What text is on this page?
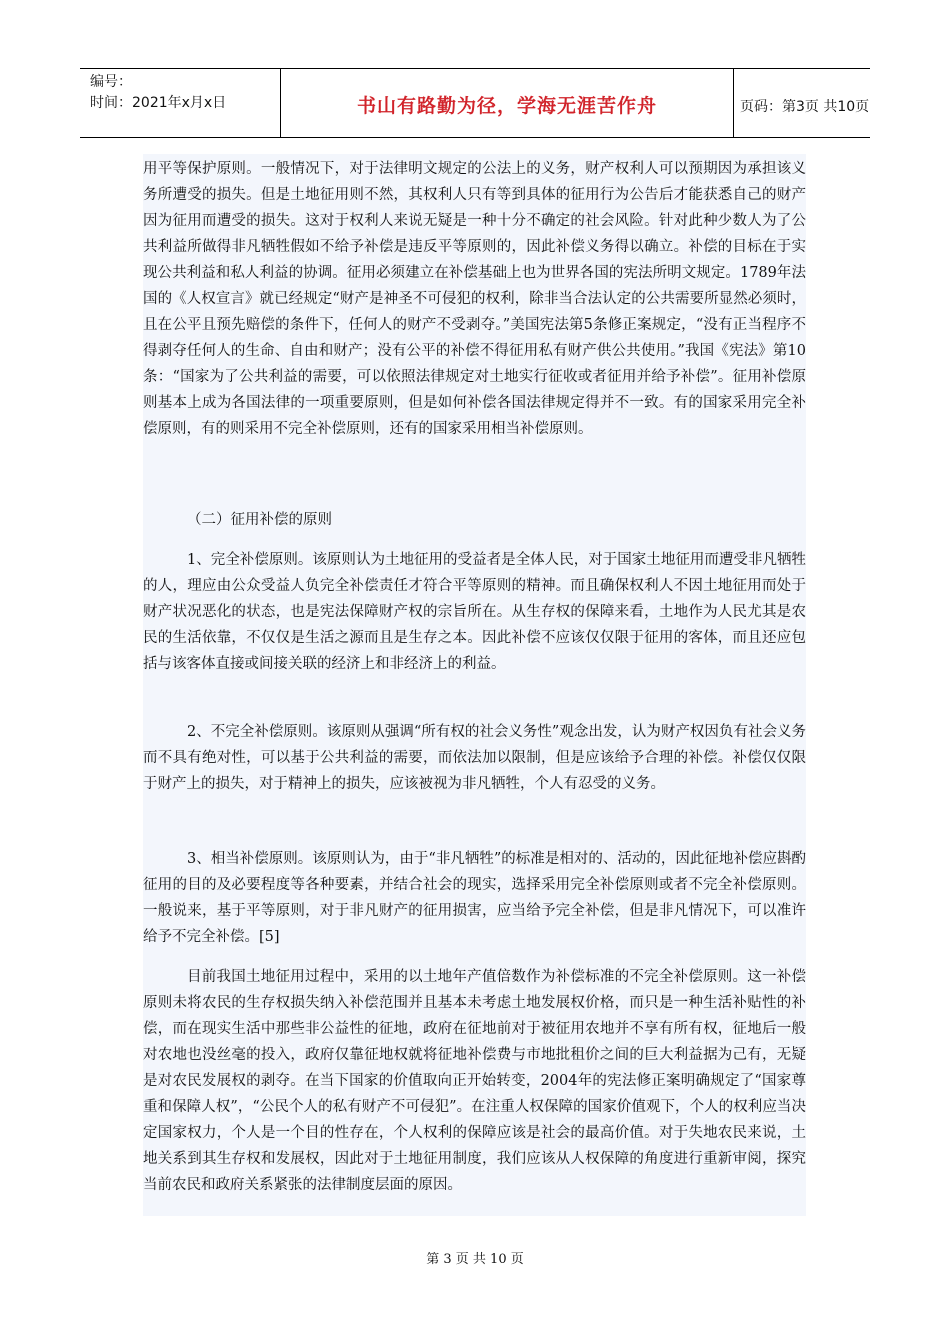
编号：
时间：2021年x月x日	书山有路勤为径，学海无涯苦作舟	页码：第3页 共10页

用平等保护原则。一般情况下，对于法律明文规定的公法上的义务，财产权利人可以预期因为承担该义务所遭受的损失。但是土地征用则不然，其权利人只有等到具体的征用行为公告后才能获悉自己的财产因为征用而遭受的损失。这对于权利人来说无疑是一种十分不确定的社会风险。针对此种少数人为了公共利益所做得非凡牺牲假如不给予补偿是违反平等原则的，因此补偿义务得以确立。补偿的目标在于实现公共利益和私人利益的协调。征用必须建立在补偿基础上也为世界各国的宪法所明文规定。1789年法国的《人权宣言》就已经规定“财产是神圣不可侵犯的权利，除非当合法认定的公共需要所显然必须时，且在公平且预先赔偿的条件下，任何人的财产不受剥夺。”美国宪法第5条修正案规定，“没有正当程序不得剥夺任何人的生命、自由和财产；没有公平的补偿不得征用私有财产供公共使用。”我国《宪法》第10条：“国家为了公共利益的需要，可以依照法律规定对土地实行征收或者征用并给予补偿”。征用补偿原则基本上成为各国法律的一项重要原则，但是如何补偿各国法律规定得并不一致。有的国家采用完全补偿原则，有的则采用不完全补偿原则，还有的国家采用相当补偿原则。

（二）征用补偿的原则

1、完全补偿原则。该原则认为土地征用的受益者是全体人民，对于国家土地征用而遭受非凡牺牲的人，理应由公众受益人负完全补偿责任才符合平等原则的精神。而且确保权利人不因土地征用而处于财产状况恶化的状态，也是宪法保障财产权的宗旨所在。从生存权的保障来看，土地作为人民尤其是农民的生活依靠，不仅仅是生活之源而且是生存之本。因此补偿不应该仅仅限于征用的客体，而且还应包括与该客体直接或间接关联的经济上和非经济上的利益。

2、不完全补偿原则。该原则从强调“所有权的社会义务性”观念出发，认为财产权因负有社会义务而不具有绝对性，可以基于公共利益的需要，而依法加以限制，但是应该给予合理的补偿。补偿仅仅限于财产上的损失，对于精神上的损失，应该被视为非凡牺牲，个人有忍受的义务。

3、相当补偿原则。该原则认为，由于“非凡牺牲”的标准是相对的、活动的，因此征地补偿应斟酌征用的目的及必要程度等各种要素，并结合社会的现实，选择采用完全补偿原则或者不完全补偿原则。一般说来，基于平等原则，对于非凡财产的征用损害，应当给予完全补偿，但是非凡情况下，可以准许给予不完全补偿。[5]

目前我国土地征用过程中，采用的以土地年产值倍数作为补偿标准的不完全补偿原则。这一补偿原则未将农民的生存权损失纳入补偿范围并且基本未考虑土地发展权价格，而只是一种生活补贴性的补偿，而在现实生活中那些非公益性的征地，政府在征地前对于被征用农地并不享有所有权，征地后一般对农地也没丝毫的投入，政府仅靠征地权就将征地补偿费与市地批租价之间的巨大利益据为己有，无疑是对农民发展权的剥夺。在当下国家的价值取向正开始转变，2004年的宪法修正案明确规定了“国家尊重和保障人权”，“公民个人的私有财产不可侵犯”。在注重人权保障的国家价值观下，个人的权利应当决定国家权力，个人是一个目的性存在，个人权利的保障应该是社会的最高价值。对于失地农民来说，土地关系到其生存权和发展权，因此对于土地征用制度，我们应该从人权保障的角度进行重新审阅，探究当前农民和政府关系紧张的法律制度层面的原因。

第 3 页 共 10 页
